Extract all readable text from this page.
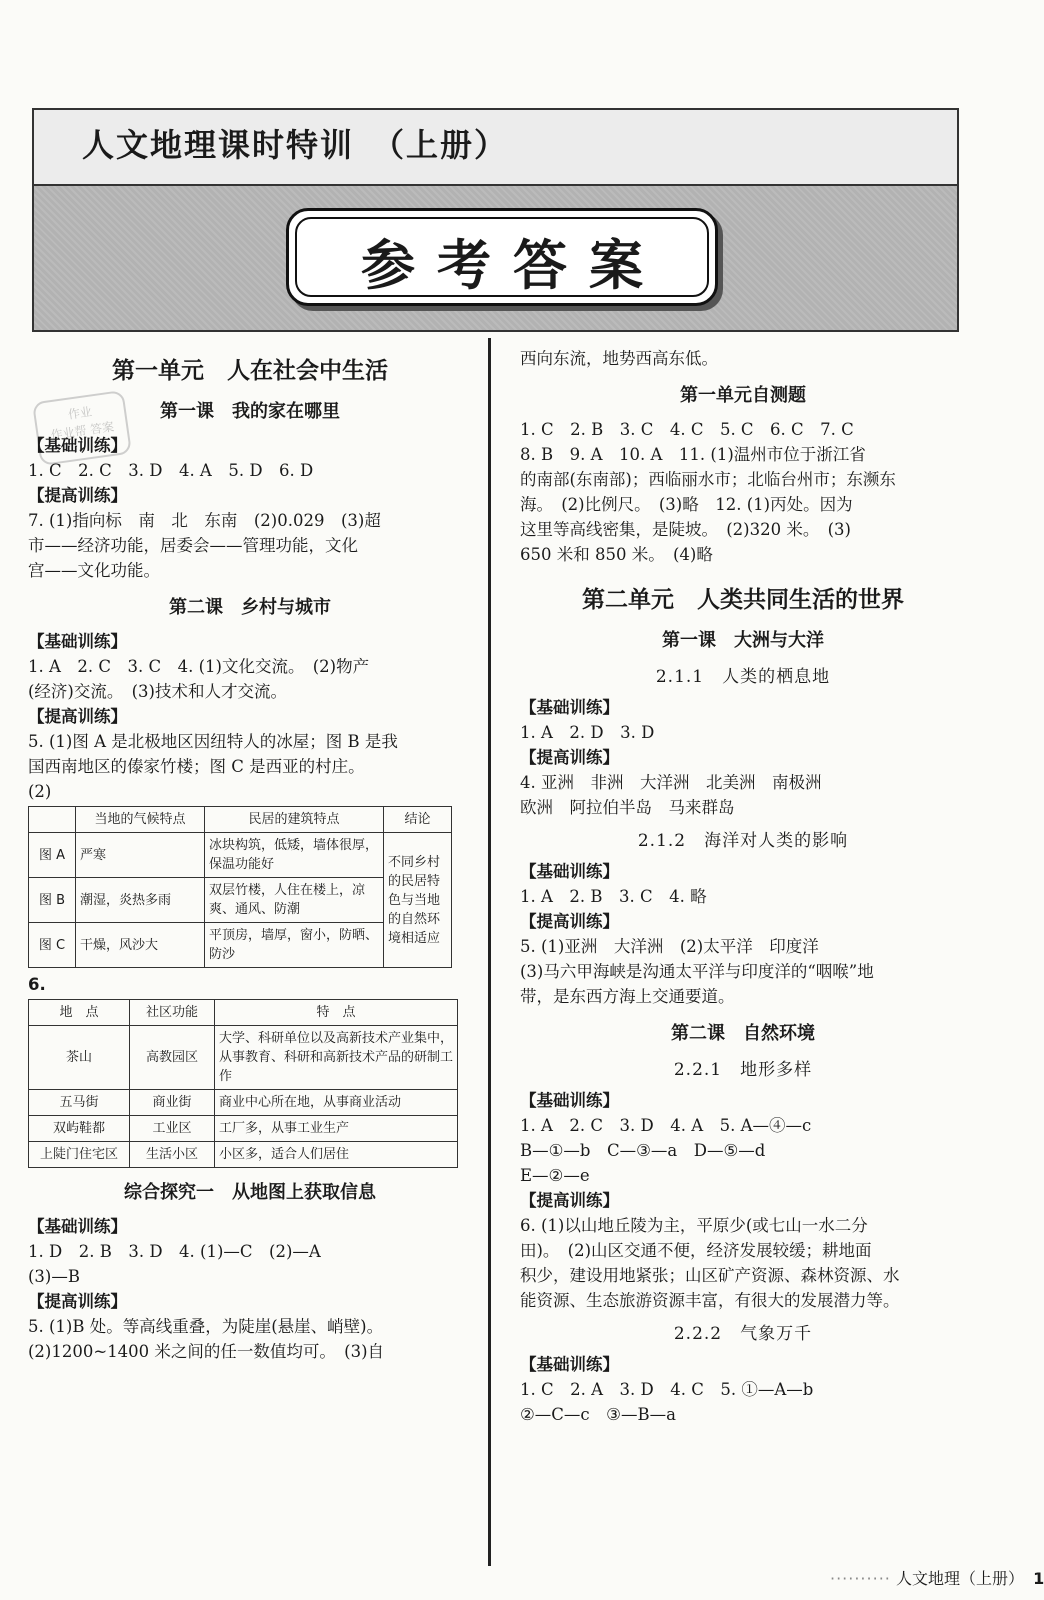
作业
作业帮 答案
人文地理课时特训　（上册）
参考答案
第一单元　人在社会中生活
第一课　我的家在哪里
【基础训练】
1. C　2. C　3. D　4. A　5. D　6. D
【提高训练】
7. (1)指向标　南　北　东南　(2)0.029　(3)超
市——经济功能，居委会——管理功能，文化
宫——文化功能。
第二课　乡村与城市
【基础训练】
1. A　2. C　3. C　4. (1)文化交流。　(2)物产
(经济)交流。　(3)技术和人才交流。
【提高训练】
5. (1)图 A 是北极地区因纽特人的冰屋；图 B 是我
国西南地区的傣家竹楼；图 C 是西亚的村庄。
(2)
	当地的气候特点	民居的建筑特点	结论
图 A	严寒	冰块构筑，低矮，墙体很厚，保温功能好	不同乡村的民居特色与当地的自然环境相适应
图 B	潮湿，炎热多雨	双层竹楼，人住在楼上，凉爽、通风、防潮	
图 C	干燥，风沙大	平顶房，墙厚，窗小，防晒、防沙	
6.
地　点	社区功能	特　点
茶山	高教园区	大学、科研单位以及高新技术产业集中，从事教育、科研和高新技术产品的研制工作
五马街	商业街	商业中心所在地，从事商业活动
双屿鞋都	工业区	工厂多，从事工业生产
上陡门住宅区	生活小区	小区多，适合人们居住
综合探究一　从地图上获取信息
【基础训练】
1. D　2. B　3. D　4. (1)—C　(2)—A
(3)—B
【提高训练】
5. (1)B 处。等高线重叠，为陡崖(悬崖、峭壁)。
(2)1200~1400 米之间的任一数值均可。　(3)自
西向东流，地势西高东低。
第一单元自测题
1. C　2. B　3. C　4. C　5. C　6. C　7. C
8. B　9. A　10. A　11. (1)温州市位于浙江省
的南部(东南部)；西临丽水市；北临台州市；东濒东
海。　(2)比例尺。　(3)略　12. (1)丙处。因为
这里等高线密集，是陡坡。　(2)320 米。　(3)
650 米和 850 米。　(4)略
第二单元　人类共同生活的世界
第一课　大洲与大洋
2.1.1　人类的栖息地
【基础训练】
1. A　2. D　3. D
【提高训练】
4. 亚洲　非洲　大洋洲　北美洲　南极洲
欧洲　阿拉伯半岛　马来群岛
2.1.2　海洋对人类的影响
【基础训练】
1. A　2. B　3. C　4. 略
【提高训练】
5. (1)亚洲　大洋洲　(2)太平洋　印度洋
(3)马六甲海峡是沟通太平洋与印度洋的“咽喉”地
带，是东西方海上交通要道。
第二课　自然环境
2.2.1　地形多样
【基础训练】
1. A　2. C　3. D　4. A　5. A—④—c
B—①—b　C—③—a　D—⑤—d
E—②—e
【提高训练】
6. (1)以山地丘陵为主，平原少(或七山一水二分
田)。　(2)山区交通不便，经济发展较缓；耕地面
积少，建设用地紧张；山区矿产资源、森林资源、水
能资源、生态旅游资源丰富，有很大的发展潜力等。
2.2.2　气象万千
【基础训练】
1. C　2. A　3. D　4. C　5. ①—A—b
②—C—c　③—B—a
·········· 人文地理（上册） 1
